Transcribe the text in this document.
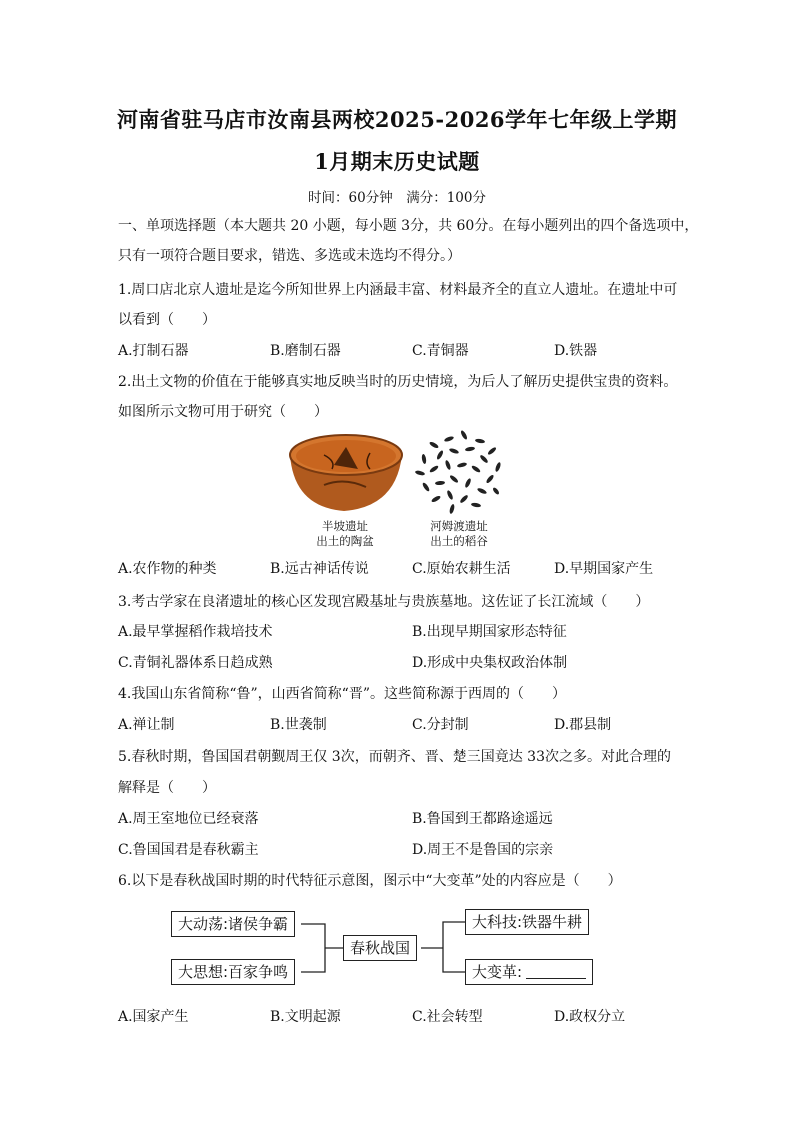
河南省驻马店市汝南县两校2025-2026学年七年级上学期
1月期末历史试题
时间：60分钟　满分：100分
一、单项选择题（本大题共 20 小题，每小题 3分，共 60分。在每小题列出的四个备选项中，
只有一项符合题目要求，错选、多选或未选均不得分。）
1.周口店北京人遗址是迄今所知世界上内涵最丰富、材料最齐全的直立人遗址。在遗址中可
以看到（　　）
A.打制石器	B.磨制石器	C.青铜器	D.铁器
2.出土文物的价值在于能够真实地反映当时的历史情境，为后人了解历史提供宝贵的资料。
如图所示文物可用于研究（　　）
半坡遗址
出土的陶盆
河姆渡遗址
出土的稻谷
A.农作物的种类	B.远古神话传说	C.原始农耕生活	D.早期国家产生
3.考古学家在良渚遗址的核心区发现宫殿基址与贵族墓地。这佐证了长江流域（　　）
A.最早掌握稻作栽培技术	B.出现早期国家形态特征
C.青铜礼器体系日趋成熟	D.形成中央集权政治体制
4.我国山东省简称“鲁”，山西省简称“晋”。这些简称源于西周的（　　）
A.禅让制	B.世袭制	C.分封制	D.郡县制
5.春秋时期，鲁国国君朝觐周王仅 3次，而朝齐、晋、楚三国竟达 33次之多。对此合理的
解释是（　　）
A.周王室地位已经衰落	B.鲁国到王都路途遥远
C.鲁国国君是春秋霸主	D.周王不是鲁国的宗亲
6.以下是春秋战国时期的时代特征示意图，图示中“大变革”处的内容应是（　　）
大动荡:诸侯争霸
大思想:百家争鸣
春秋战国
大科技:铁器牛耕
大变革:
A.国家产生	B.文明起源	C.社会转型	D.政权分立
